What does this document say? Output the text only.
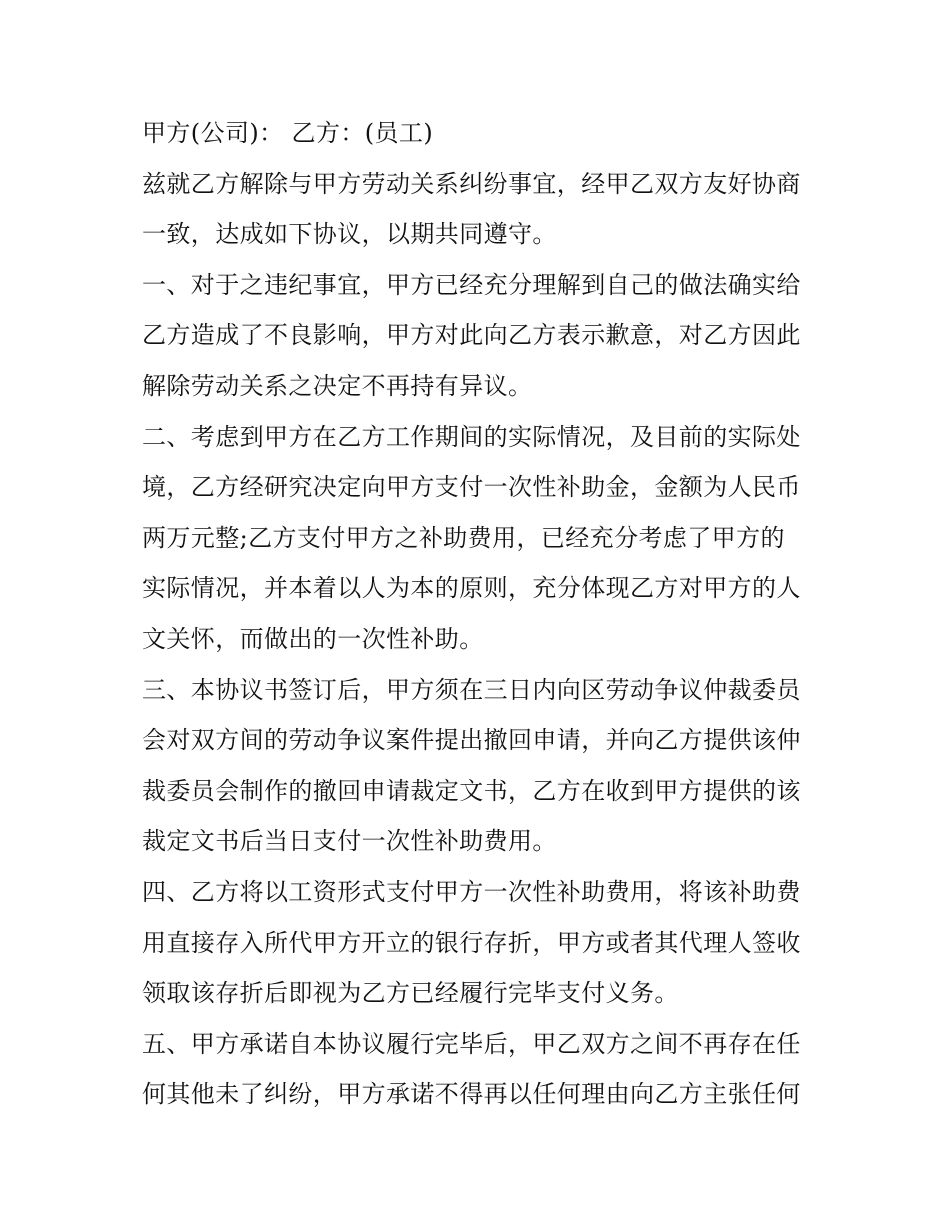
甲方(公司)： 乙方：(员工)
兹就乙方解除与甲方劳动关系纠纷事宜，经甲乙双方友好协商
一致，达成如下协议，以期共同遵守。
一、对于之违纪事宜，甲方已经充分理解到自己的做法确实给
乙方造成了不良影响，甲方对此向乙方表示歉意，对乙方因此
解除劳动关系之决定不再持有异议。
二、考虑到甲方在乙方工作期间的实际情况，及目前的实际处
境，乙方经研究决定向甲方支付一次性补助金，金额为人民币
两万元整;乙方支付甲方之补助费用，已经充分考虑了甲方的
实际情况，并本着以人为本的原则，充分体现乙方对甲方的人
文关怀，而做出的一次性补助。
三、本协议书签订后，甲方须在三日内向区劳动争议仲裁委员
会对双方间的劳动争议案件提出撤回申请，并向乙方提供该仲
裁委员会制作的撤回申请裁定文书，乙方在收到甲方提供的该
裁定文书后当日支付一次性补助费用。
四、乙方将以工资形式支付甲方一次性补助费用，将该补助费
用直接存入所代甲方开立的银行存折，甲方或者其代理人签收
领取该存折后即视为乙方已经履行完毕支付义务。
五、甲方承诺自本协议履行完毕后，甲乙双方之间不再存在任
何其他未了纠纷，甲方承诺不得再以任何理由向乙方主张任何
